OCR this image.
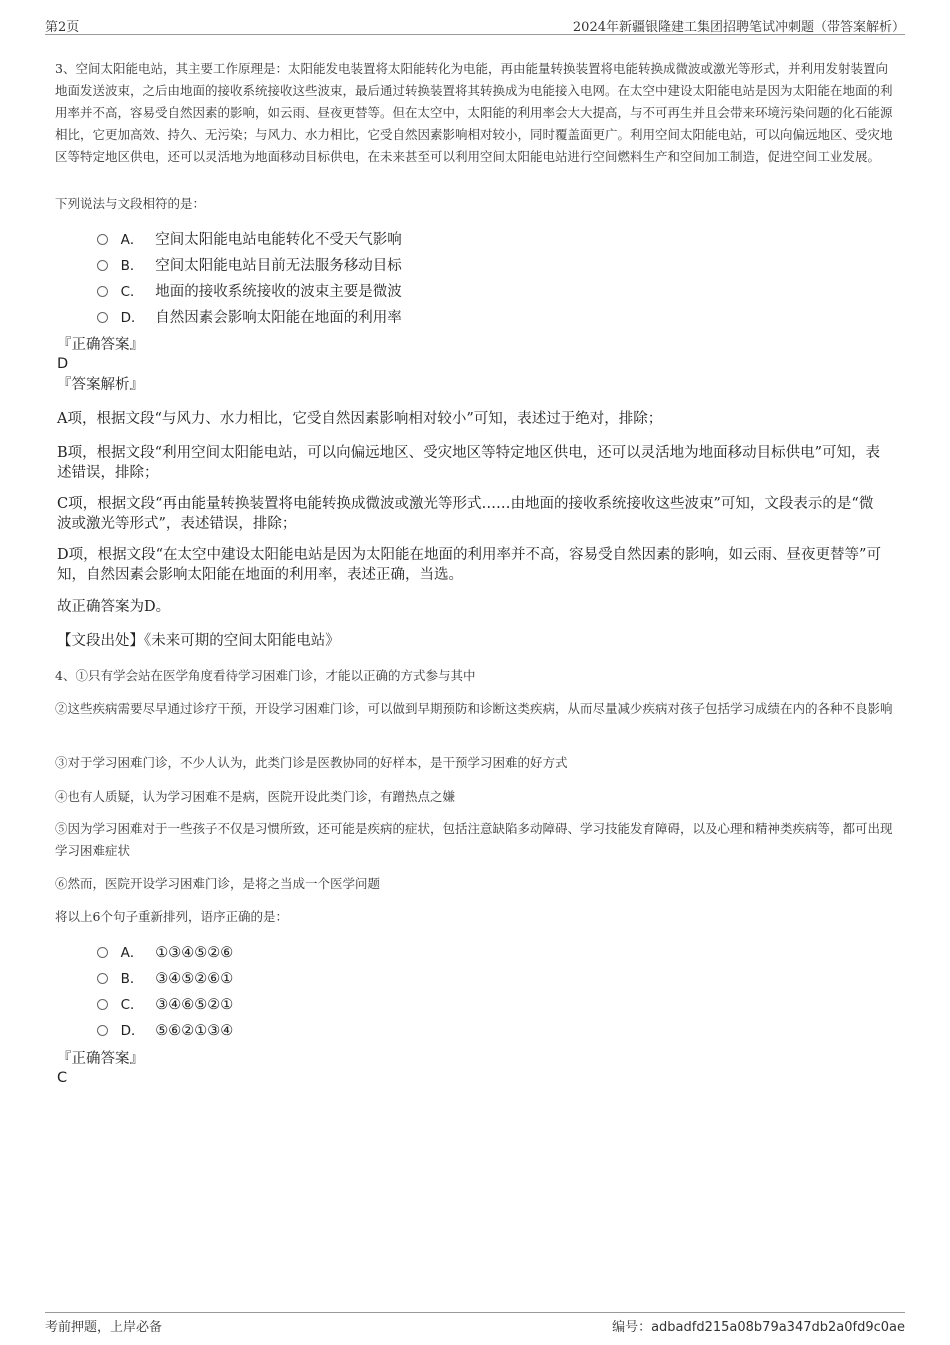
第2页	2024年新疆银隆建工集团招聘笔试冲刺题（带答案解析）
3、空间太阳能电站，其主要工作原理是：太阳能发电装置将太阳能转化为电能，再由能量转换装置将电能转换成微波或激光等形式，并利用发射装置向地面发送波束，之后由地面的接收系统接收这些波束，最后通过转换装置将其转换成为电能接入电网。在太空中建设太阳能电站是因为太阳能在地面的利用率并不高，容易受自然因素的影响，如云雨、昼夜更替等。但在太空中，太阳能的利用率会大大提高，与不可再生并且会带来环境污染问题的化石能源相比，它更加高效、持久、无污染；与风力、水力相比，它受自然因素影响相对较小，同时覆盖面更广。利用空间太阳能电站，可以向偏远地区、受灾地区等特定地区供电，还可以灵活地为地面移动目标供电，在未来甚至可以利用空间太阳能电站进行空间燃料生产和空间加工制造，促进空间工业发展。
下列说法与文段相符的是：
A． 空间太阳能电站电能转化不受天气影响
B． 空间太阳能电站目前无法服务移动目标
C． 地面的接收系统接收的波束主要是微波
D． 自然因素会影响太阳能在地面的利用率
『正确答案』
D
『答案解析』
A项，根据文段“与风力、水力相比，它受自然因素影响相对较小”可知，表述过于绝对，排除；
B项，根据文段“利用空间太阳能电站，可以向偏远地区、受灾地区等特定地区供电，还可以灵活地为地面移动目标供电”可知，表述错误，排除；
C项，根据文段“再由能量转换装置将电能转换成微波或激光等形式……由地面的接收系统接收这些波束”可知，文段表示的是“微波或激光等形式”，表述错误，排除；
D项，根据文段“在太空中建设太阳能电站是因为太阳能在地面的利用率并不高，容易受自然因素的影响，如云雨、昼夜更替等”可知，自然因素会影响太阳能在地面的利用率，表述正确，当选。
故正确答案为D。
【文段出处】《未来可期的空间太阳能电站》
4、①只有学会站在医学角度看待学习困难门诊，才能以正确的方式参与其中
②这些疾病需要尽早通过诊疗干预，开设学习困难门诊，可以做到早期预防和诊断这类疾病，从而尽量减少疾病对孩子包括学习成绩在内的各种不良影响
③对于学习困难门诊，不少人认为，此类门诊是医教协同的好样本，是干预学习困难的好方式
④也有人质疑，认为学习困难不是病，医院开设此类门诊，有蹭热点之嫌
⑤因为学习困难对于一些孩子不仅是习惯所致，还可能是疾病的症状，包括注意缺陷多动障碍、学习技能发育障碍，以及心理和精神类疾病等，都可出现学习困难症状
⑥然而，医院开设学习困难门诊，是将之当成一个医学问题
将以上6个句子重新排列，语序正确的是：
A． ①③④⑤②⑥
B． ③④⑤②⑥①
C． ③④⑥⑤②①
D． ⑤⑥②①③④
『正确答案』
C
考前押题，上岸必备	编号：adbadfd215a08b79a347db2a0fd9c0ae
